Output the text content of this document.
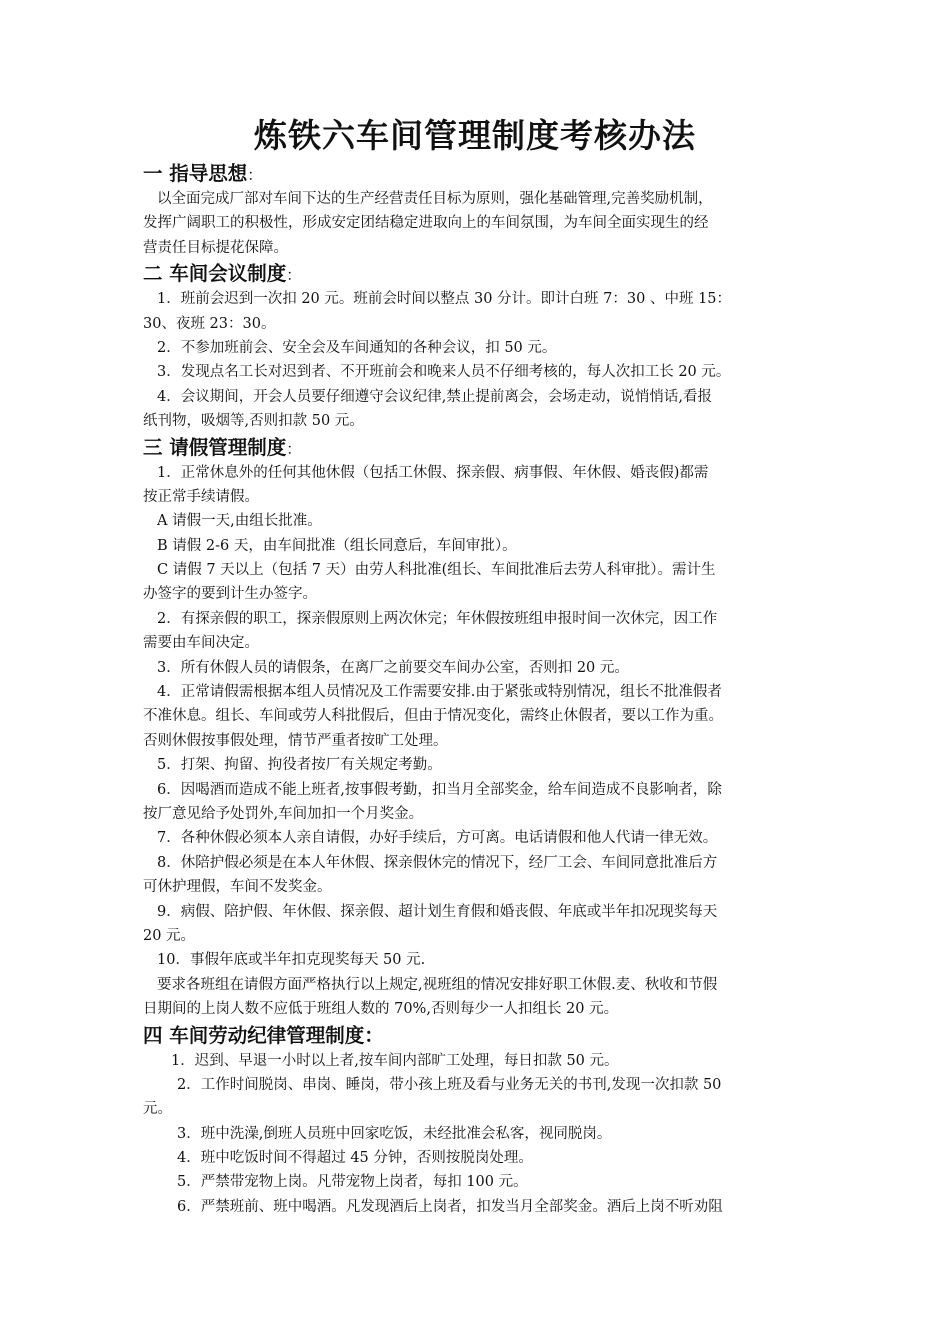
炼铁六车间管理制度考核办法
一 指导思想：
以全面完成厂部对车间下达的生产经营责任目标为原则，强化基础管理,完善奖励机制，
发挥广阔职工的积极性，形成安定团结稳定进取向上的车间氛围，为车间全面实现生的经
营责任目标提花保障。
二 车间会议制度：
1．班前会迟到一次扣 20 元。班前会时间以整点 30 分计。即计白班 7：30 、中班 15：
30、夜班 23：30。
2．不参加班前会、安全会及车间通知的各种会议，扣 50 元。
3．发现点名工长对迟到者、不开班前会和晚来人员不仔细考核的，每人次扣工长 20 元。
4．会议期间，开会人员要仔细遵守会议纪律,禁止提前离会，会场走动，说悄悄话,看报
纸刊物，吸烟等,否则扣款 50 元。
三 请假管理制度：
1．正常休息外的任何其他休假（包括工休假、探亲假、病事假、年休假、婚丧假)都需
按正常手续请假。
A 请假一天,由组长批准。
B 请假 2-6 天，由车间批准（组长同意后，车间审批）。
C 请假 7 天以上（包括 7 天）由劳人科批准(组长、车间批准后去劳人科审批）。需计生
办签字的要到计生办签字。
2．有探亲假的职工，探亲假原则上两次休完；年休假按班组申报时间一次休完，因工作
需要由车间决定。
3．所有休假人员的请假条，在离厂之前要交车间办公室，否则扣 20 元。
4．正常请假需根据本组人员情况及工作需要安排.由于紧张或特别情况，组长不批准假者
不准休息。组长、车间或劳人科批假后，但由于情况变化，需终止休假者，要以工作为重。
否则休假按事假处理，情节严重者按旷工处理。
5．打架、拘留、拘役者按厂有关规定考勤。
6．因喝酒而造成不能上班者,按事假考勤，扣当月全部奖金，给车间造成不良影响者，除
按厂意见给予处罚外,车间加扣一个月奖金。
7．各种休假必须本人亲自请假，办好手续后，方可离。电话请假和他人代请一律无效。
8．休陪护假必须是在本人年休假、探亲假休完的情况下，经厂工会、车间同意批准后方
可休护理假，车间不发奖金。
9．病假、陪护假、年休假、探亲假、超计划生育假和婚丧假、年底或半年扣况现奖每天
20 元。
10．事假年底或半年扣克现奖每天 50 元.
要求各班组在请假方面严格执行以上规定,视班组的情况安排好职工休假.麦、秋收和节假
日期间的上岗人数不应低于班组人数的 70%,否则每少一人扣组长 20 元。
四 车间劳动纪律管理制度：
1．迟到、早退一小时以上者,按车间内部旷工处理，每日扣款 50 元。
2．工作时间脱岗、串岗、睡岗，带小孩上班及看与业务无关的书刊,发现一次扣款 50
元。
3．班中洗澡,倒班人员班中回家吃饭，未经批准会私客，视同脱岗。
4．班中吃饭时间不得超过 45 分钟，否则按脱岗处理。
5．严禁带宠物上岗。凡带宠物上岗者，每扣 100 元。
6．严禁班前、班中喝酒。凡发现酒后上岗者，扣发当月全部奖金。酒后上岗不听劝阻
